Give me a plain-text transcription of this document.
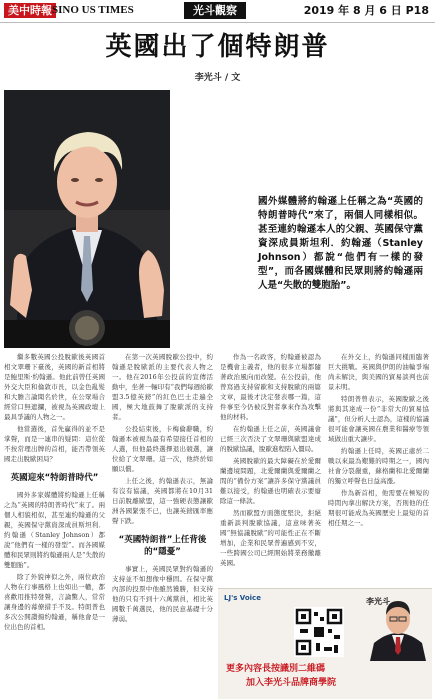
美中時報 SINO US TIMES	光斗觀察	2019 年 8 月 6 日 P18
英國出了個特朗普
李光斗 / 文

國外媒體將約翰遜上任稱之為“英國的特朗普時代”來了，兩個人同樣相似。甚至連約翰遜本人的父親、英國保守黨資深成員斯坦利．約翰遜（Stanley Johnson）都說“他們有一樣的發型”，而各國媒體和民眾則將約翰遜兩人是“失散的雙胞胎”。

繼多數英國公投脫歐後英國首相文翠珊下臺後，英國的新首相將是鮑里斯·約翰遜。他此前曾任英國外交大臣和倫敦市長，以金色亂髮和大膽言論聞名於世，在公眾場合經常口無遮攔，被視為英國政壇上最具爭議的人物之一。

他當選後，首先贏得的並不是掌聲，而是一連串的疑問：這位從不按常理出牌的首相，能否帶領英國走出脫歐困局？

英國迎來“特朗普時代”

國外多家媒體將約翰遜上任稱之為“英國的特朗普時代”來了。兩個人相貌相似，甚至連約翰遜的父親，英國保守黨資深成員斯坦利．約翰遜（Stanley Johnson）都說“他們有一樣的發型”。而各國媒體和民眾則將約翰遜兩人是“失散的雙胞胎”。

除了外貌神似之外，兩位政治人物在行事風格上也如出一轍，都喜歡用推特發聲，言論驚人，常常讓身邊的幕僚措手不及。特朗普也多次公開讚揚約翰遜，稱他會是一位出色的首相。

在第一次英國脫歐公投中，約翰遜是脫歐派的主要代表人物之一。他在2016年公投前的宣傳活動中，坐著一輛印有“我們每週給歐盟3.5億英鎊”的紅色巴士走遍全國，極大地鼓舞了脫歐派的支持者。

公投結束後，卡梅倫辭職，約翰遜本被視為最有希望接任首相的人選，但他最終選擇退出競選，讓位給了文翠珊。這一次，他終於如願以償。

上任之後，約翰遜表示，無論有沒有協議，英國都將在10月31日前脫離歐盟，這一強硬表態讓歐洲各國緊張不已，也讓英鎊匯率應聲下跌。

“英國特朗普”上任背後的“隱憂”

事實上，英國民眾對約翰遜的支持並不如想像中穩固。在保守黨內部的投票中他雖然獲勝，但支持他的只有不到十六萬黨員，相比英國數千萬選民，他的民意基礎十分薄弱。

作為一名政客，約翰遜被認為是機會主義者，他的很多立場都隨著政治風向而改變。在公投前，他曾寫過支持留歐和支持脫歐的兩篇文章，最後才決定發表哪一篇，這件事至今仍被反對者拿來作為攻擊他的材料。

在約翰遜上任之前，英國議會已經三次否決了文翠珊與歐盟達成的脫歐協議，脫歐進程陷入僵局。

英國脫歐的最大障礙在於愛爾蘭邊境問題，北愛爾蘭與愛爾蘭之間的“備份方案”讓許多保守黨議員難以接受，約翰遜也明確表示要廢除這一條款。

然而歐盟方面態度堅決，拒絕重新談判脫歐協議，這意味著英國“無協議脫歐”的可能性正在不斷增加，企業和民眾普遍感到不安，一些跨國公司已經開始將業務撤離英國。

在外交上，約翰遜同樣面臨著巨大挑戰。英國與伊朗的油輪爭端尚未解決，與美國的貿易談判也前景未明。

特朗普曾表示，英國脫歐之後將與其達成一份“非常大的貿易協議”，但分析人士認為，這樣的協議很可能會讓英國在農業和醫療等領域做出重大讓步。

約翰遜上任時，英國正處於二戰以來最為艱難的時期之一，國內社會分裂嚴重，蘇格蘭和北愛爾蘭的獨立呼聲也日益高漲。

作為新首相，他需要在極短的時間內拿出解決方案，否則他的任期很可能成為英國歷史上最短的首相任期之一。

LJ's Voice	李光斗
更多內容長按識別二維碼
加入李光斗品牌商學院
